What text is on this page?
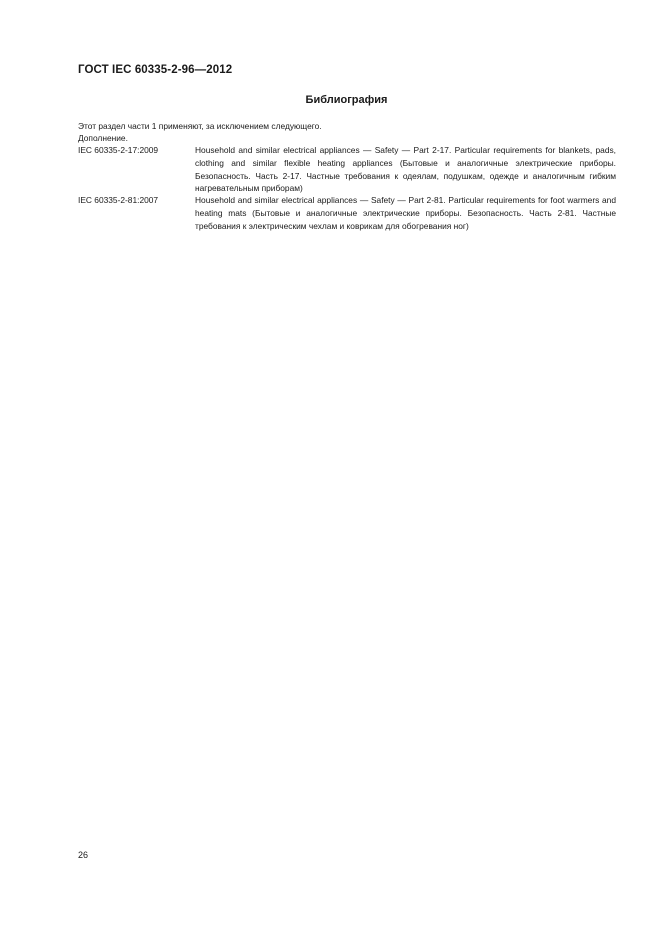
ГОСТ IEC 60335-2-96—2012
Библиография
Этот раздел части 1 применяют, за исключением следующего.
Дополнение.
IEC 60335-2-17:2009	Household and similar electrical appliances — Safety — Part 2-17. Particular requirements for blankets, pads, clothing and similar flexible heating appliances (Бытовые и аналогичные электрические приборы. Безопасность. Часть 2-17. Частные требования к одеялам, подушкам, одежде и аналогичным гибким нагревательным приборам)
IEC 60335-2-81:2007	Household and similar electrical appliances — Safety — Part 2-81. Particular requirements for foot warmers and heating mats (Бытовые и аналогичные электрические приборы. Безопасность. Часть 2-81. Частные требования к электрическим чехлам и коврикам для обогревания ног)
26
